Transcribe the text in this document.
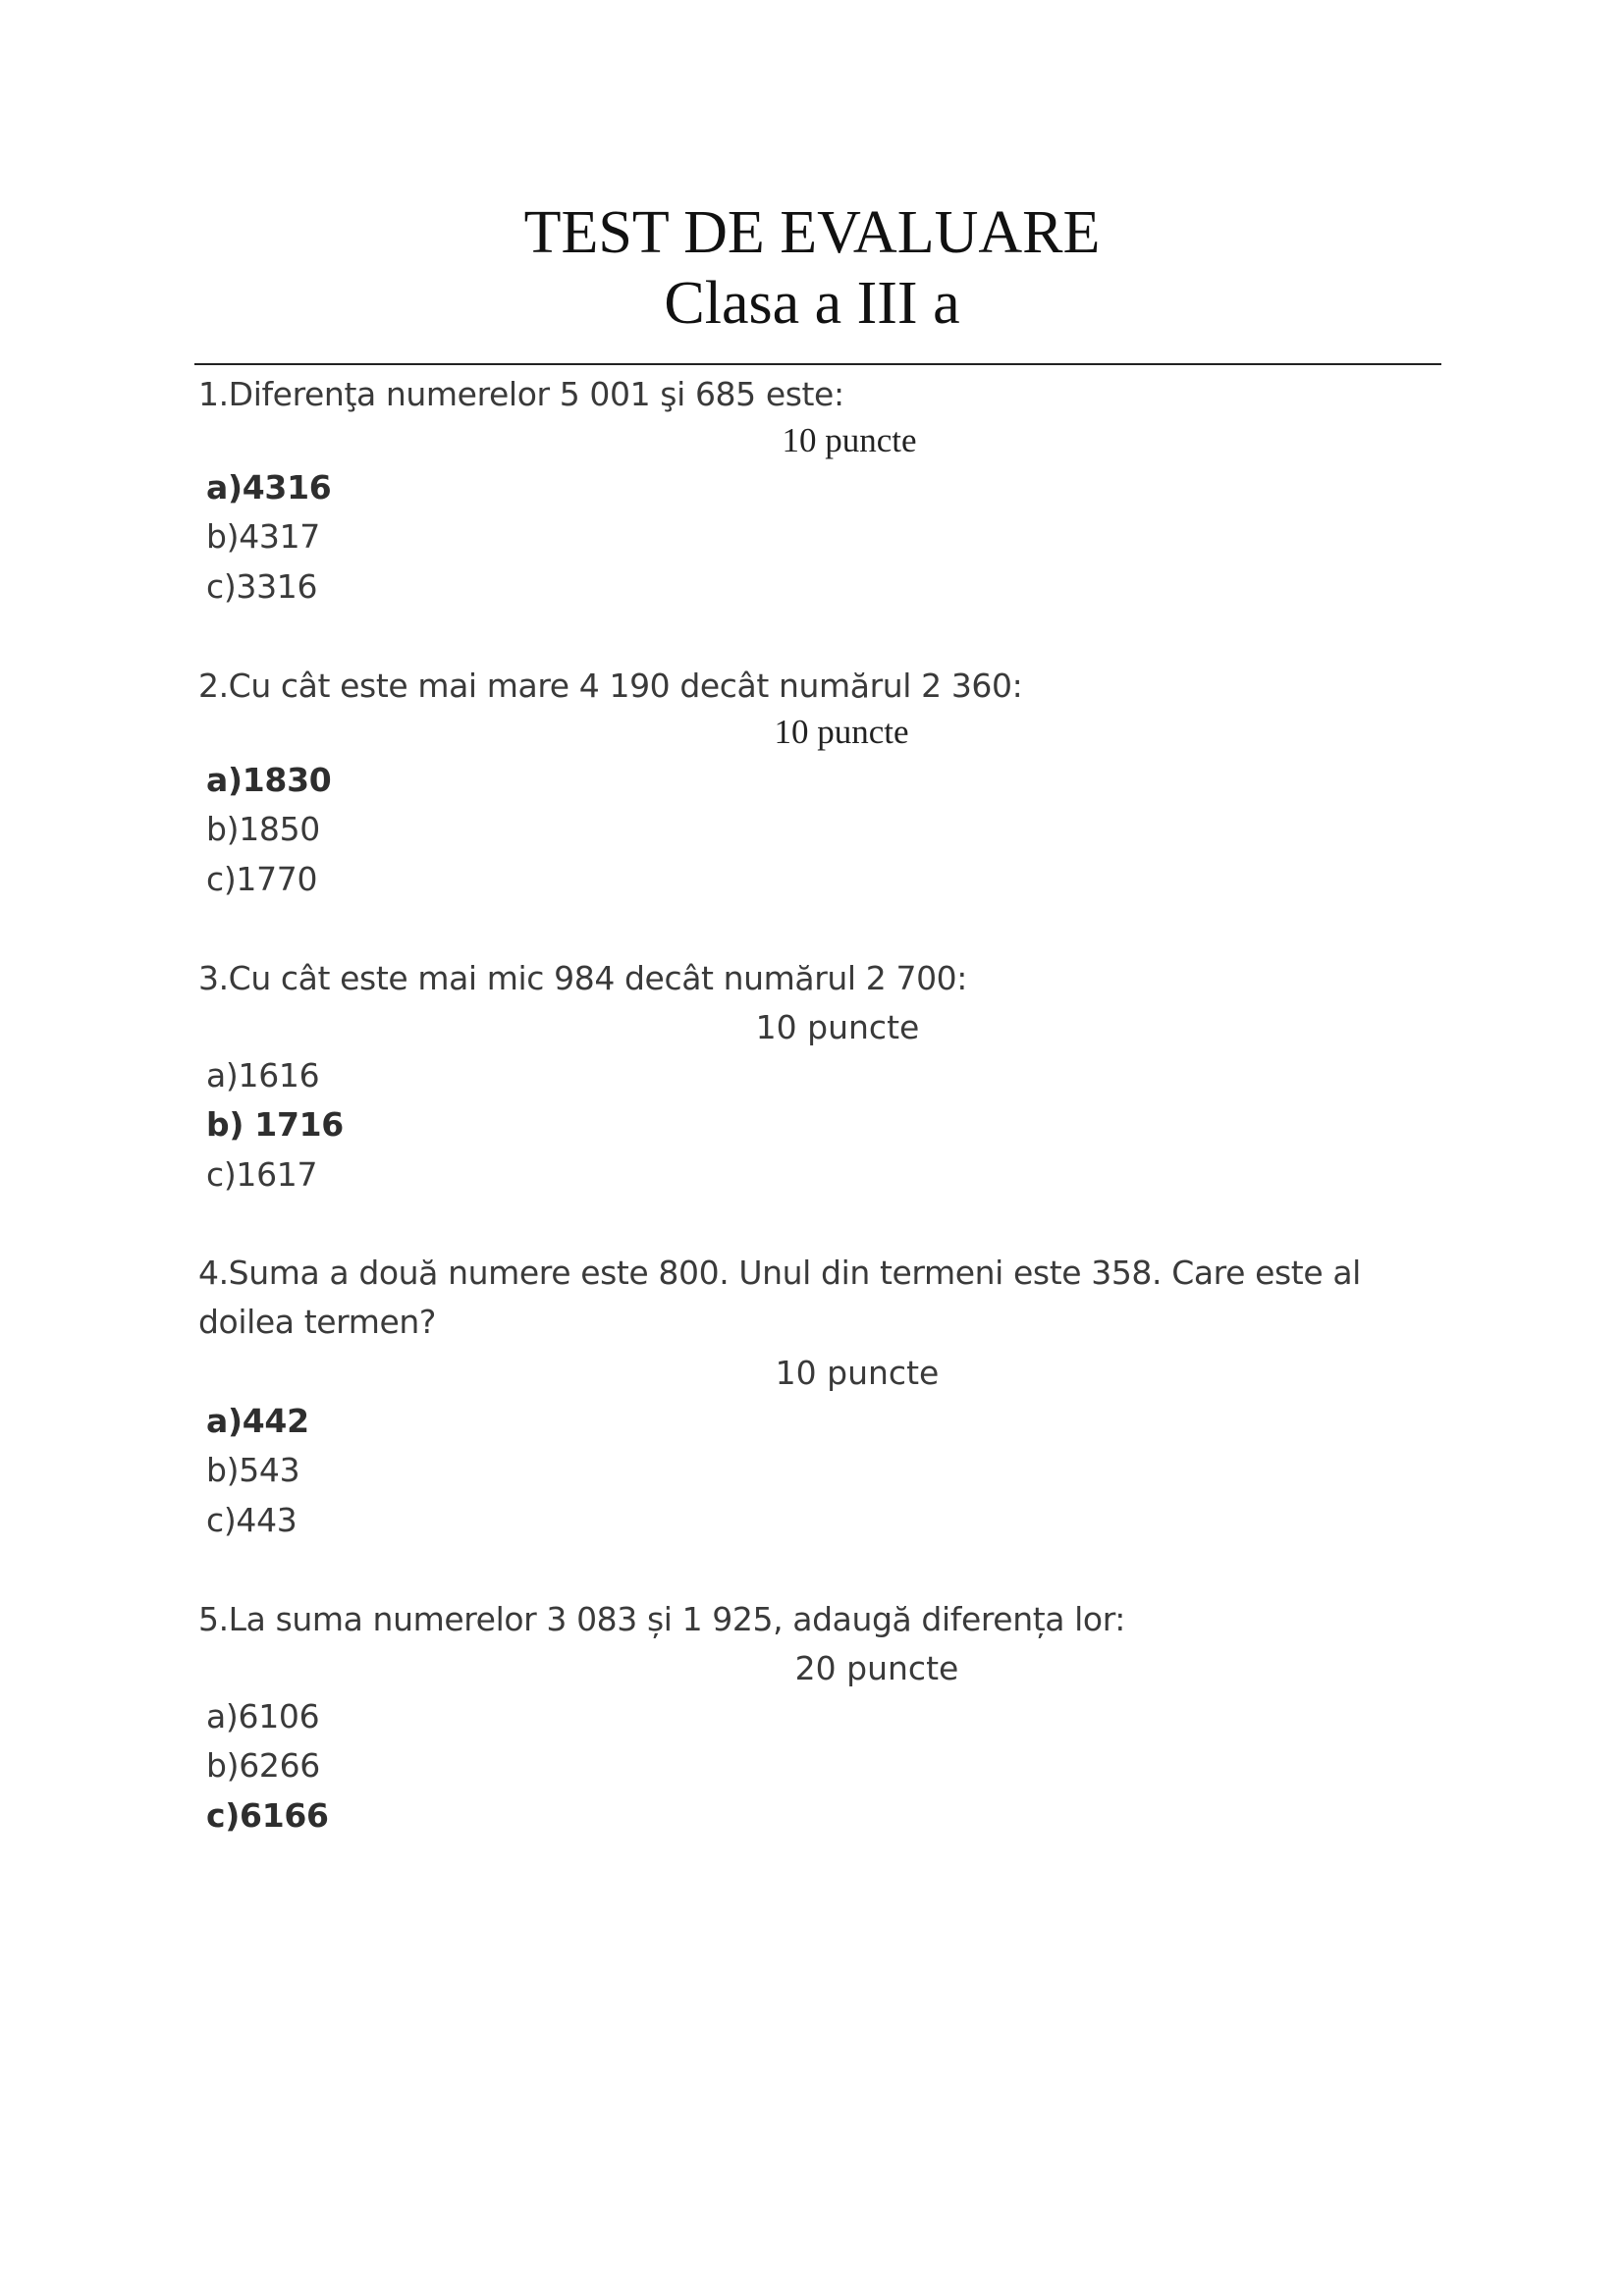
TEST DE EVALUARE
Clasa a III a
1.Diferenţa numerelor 5 001 şi 685 este:
10 puncte
a)4316
b)4317
c)3316
2.Cu cât este mai mare 4 190 decât numărul 2 360:
10 puncte
a)1830
b)1850
c)1770
3.Cu cât este mai mic 984 decât numărul 2 700:
10 puncte
a)1616
b) 1716
c)1617
4.Suma a două numere este 800. Unul din termeni este 358. Care este al doilea termen?
10 puncte
a)442
b)543
c)443
5.La suma numerelor 3 083 și 1 925, adaugă diferența lor:
20 puncte
a)6106
b)6266
c)6166
